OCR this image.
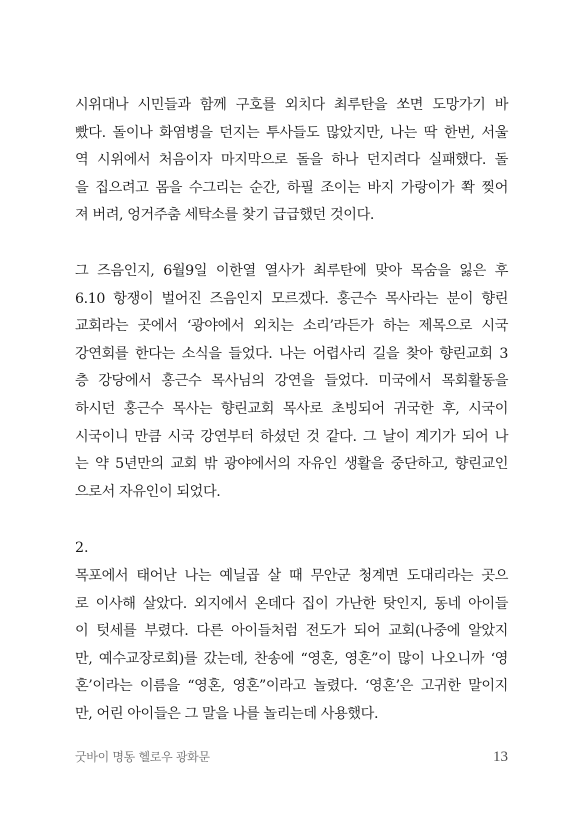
시위대나 시민들과 함께 구호를 외치다 최루탄을 쏘면 도망가기 바
빴다. 돌이나 화염병을 던지는 투사들도 많았지만, 나는 딱 한번, 서울
역 시위에서 처음이자 마지막으로 돌을 하나 던지려다 실패했다. 돌
을 집으려고 몸을 수그리는 순간, 하필 조이는 바지 가랑이가 쫙 찢어
져 버려, 엉거주춤 세탁소를 찾기 급급했던 것이다.
그 즈음인지, 6월9일 이한열 열사가 최루탄에 맞아 목숨을 잃은 후
6.10 항쟁이 벌어진 즈음인지 모르겠다. 홍근수 목사라는 분이 향린
교회라는 곳에서 ‘광야에서 외치는 소리’라든가 하는 제목으로 시국
강연회를 한다는 소식을 들었다. 나는 어렵사리 길을 찾아 향린교회 3
층 강당에서 홍근수 목사님의 강연을 들었다. 미국에서 목회활동을
하시던 홍근수 목사는 향린교회 목사로 초빙되어 귀국한 후, 시국이
시국이니 만큼 시국 강연부터 하셨던 것 같다. 그 날이 계기가 되어 나
는 약 5년만의 교회 밖 광야에서의 자유인 생활을 중단하고, 향린교인
으로서 자유인이 되었다.

2.

목포에서 태어난 나는 예닐곱 살 때 무안군 청계면 도대리라는 곳으
로 이사해 살았다. 외지에서 온데다 집이 가난한 탓인지, 동네 아이들
이 텃세를 부렸다. 다른 아이들처럼 전도가 되어 교회(나중에 알았지
만, 예수교장로회)를 갔는데, 찬송에 “영혼, 영혼”이 많이 나오니까 ‘영
혼’이라는 이름을 “영혼, 영혼”이라고 놀렸다. ‘영혼’은 고귀한 말이지
만, 어린 아이들은 그 말을 나를 놀리는데 사용했다.
굿바이 명동 헬로우 광화문	13
